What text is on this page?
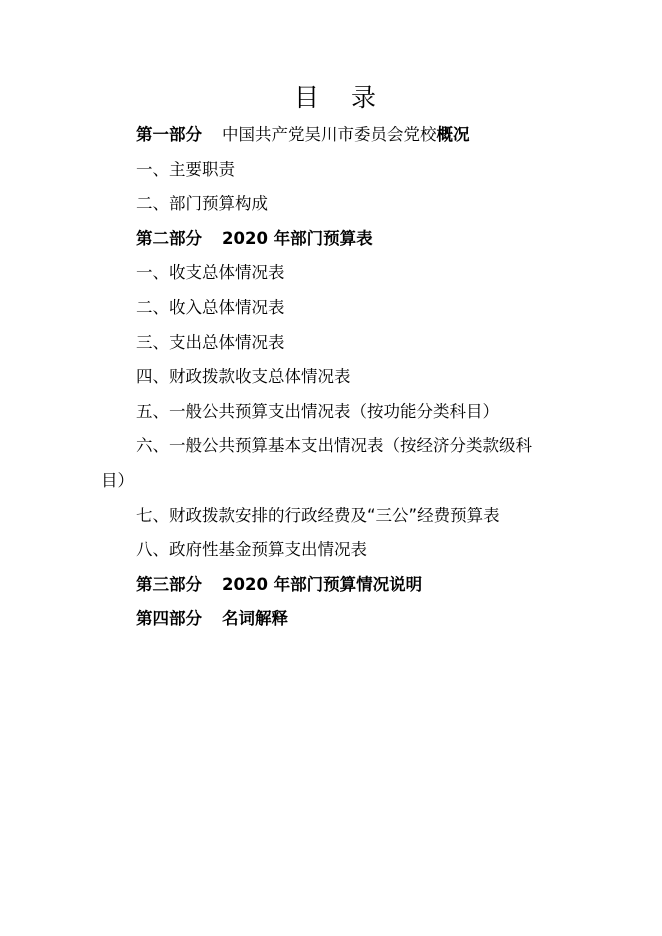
目 录
第一部分 中国共产党吴川市委员会党校概况
一、主要职责
二、部门预算构成
第二部分 2020 年部门预算表
一、收支总体情况表
二、收入总体情况表
三、支出总体情况表
四、财政拨款收支总体情况表
五、一般公共预算支出情况表（按功能分类科目）
六、一般公共预算基本支出情况表（按经济分类款级科
目）
七、财政拨款安排的行政经费及“三公”经费预算表
八、政府性基金预算支出情况表
第三部分 2020 年部门预算情况说明
第四部分 名词解释
